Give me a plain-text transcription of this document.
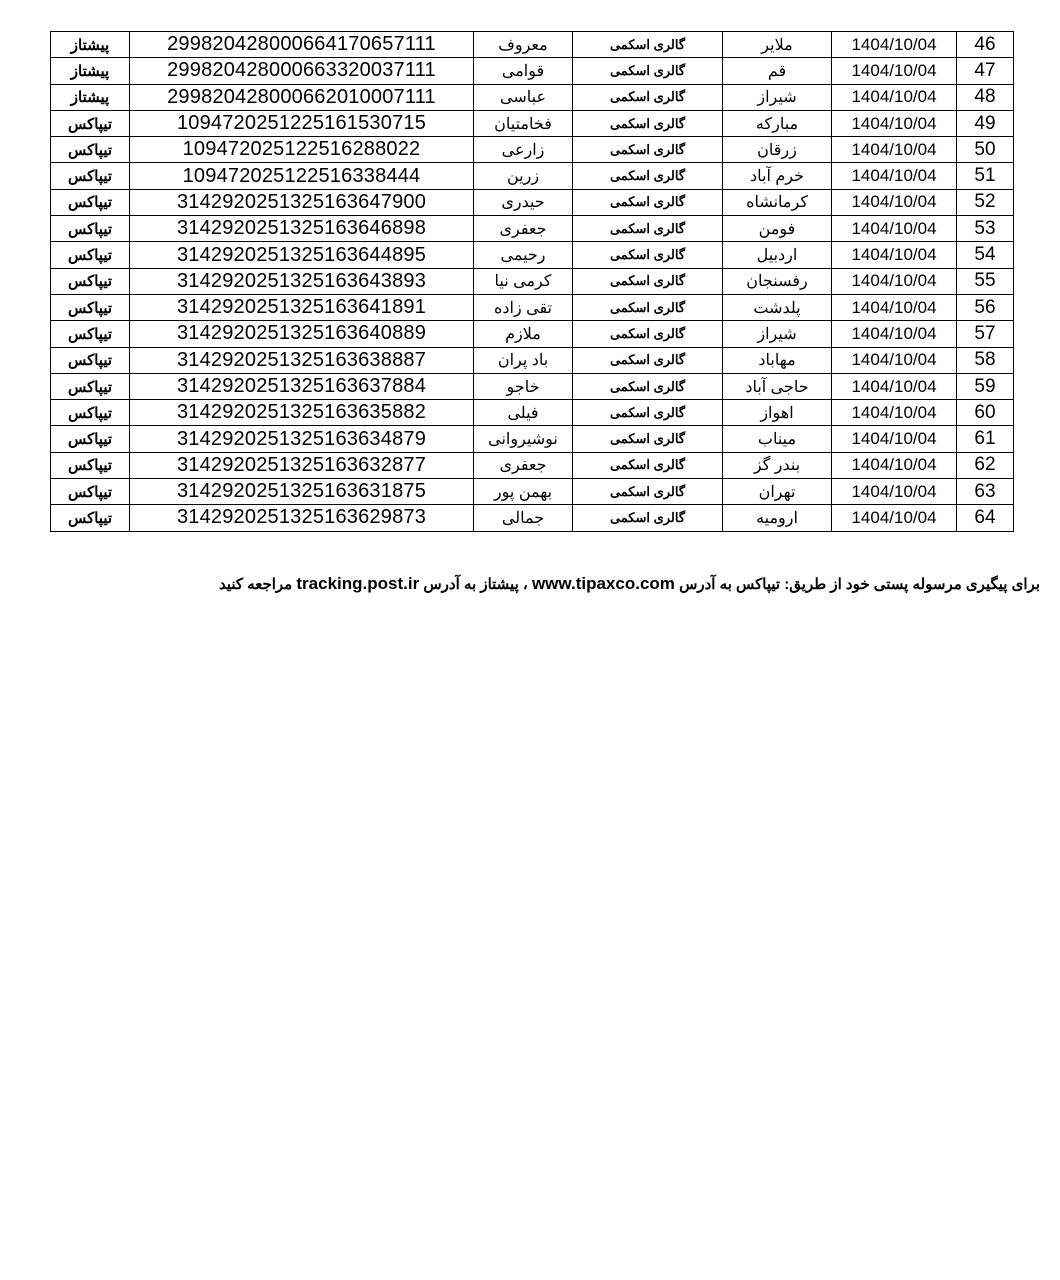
پیشتاز	299820428000664170657111	معروف	گالری اسکمی	ملایر	1404/10/04	46
پیشتاز	299820428000663320037111	قوامی	گالری اسکمی	قم	1404/10/04	47
پیشتاز	299820428000662010007111	عباسی	گالری اسکمی	شیراز	1404/10/04	48
تیپاکس	1094720251225161530715	فخامتیان	گالری اسکمی	مبارکه	1404/10/04	49
تیپاکس	109472025122516288022	زارعی	گالری اسکمی	زرقان	1404/10/04	50
تیپاکس	109472025122516338444	زرین	گالری اسکمی	خرم آباد	1404/10/04	51
تیپاکس	3142920251325163647900	حیدری	گالری اسکمی	کرمانشاه	1404/10/04	52
تیپاکس	3142920251325163646898	جعفری	گالری اسکمی	فومن	1404/10/04	53
تیپاکس	3142920251325163644895	رحیمی	گالری اسکمی	اردبیل	1404/10/04	54
تیپاکس	3142920251325163643893	کرمی نیا	گالری اسکمی	رفسنجان	1404/10/04	55
تیپاکس	3142920251325163641891	تقی زاده	گالری اسکمی	پلدشت	1404/10/04	56
تیپاکس	3142920251325163640889	ملازم	گالری اسکمی	شیراز	1404/10/04	57
تیپاکس	3142920251325163638887	باد پران	گالری اسکمی	مهاباد	1404/10/04	58
تیپاکس	3142920251325163637884	خاجو	گالری اسکمی	حاجی آباد	1404/10/04	59
تیپاکس	3142920251325163635882	فیلی	گالری اسکمی	اهواز	1404/10/04	60
تیپاکس	3142920251325163634879	نوشیروانی	گالری اسکمی	میناب	1404/10/04	61
تیپاکس	3142920251325163632877	جعفری	گالری اسکمی	بندر گز	1404/10/04	62
تیپاکس	3142920251325163631875	بهمن پور	گالری اسکمی	تهران	1404/10/04	63
تیپاکس	3142920251325163629873	جمالی	گالری اسکمی	ارومیه	1404/10/04	64
برای پیگیری مرسوله پستی خود از طریق: تیپاکس به آدرس www.tipaxco.com ، پیشتاز به آدرس tracking.post.ir مراجعه کنید
